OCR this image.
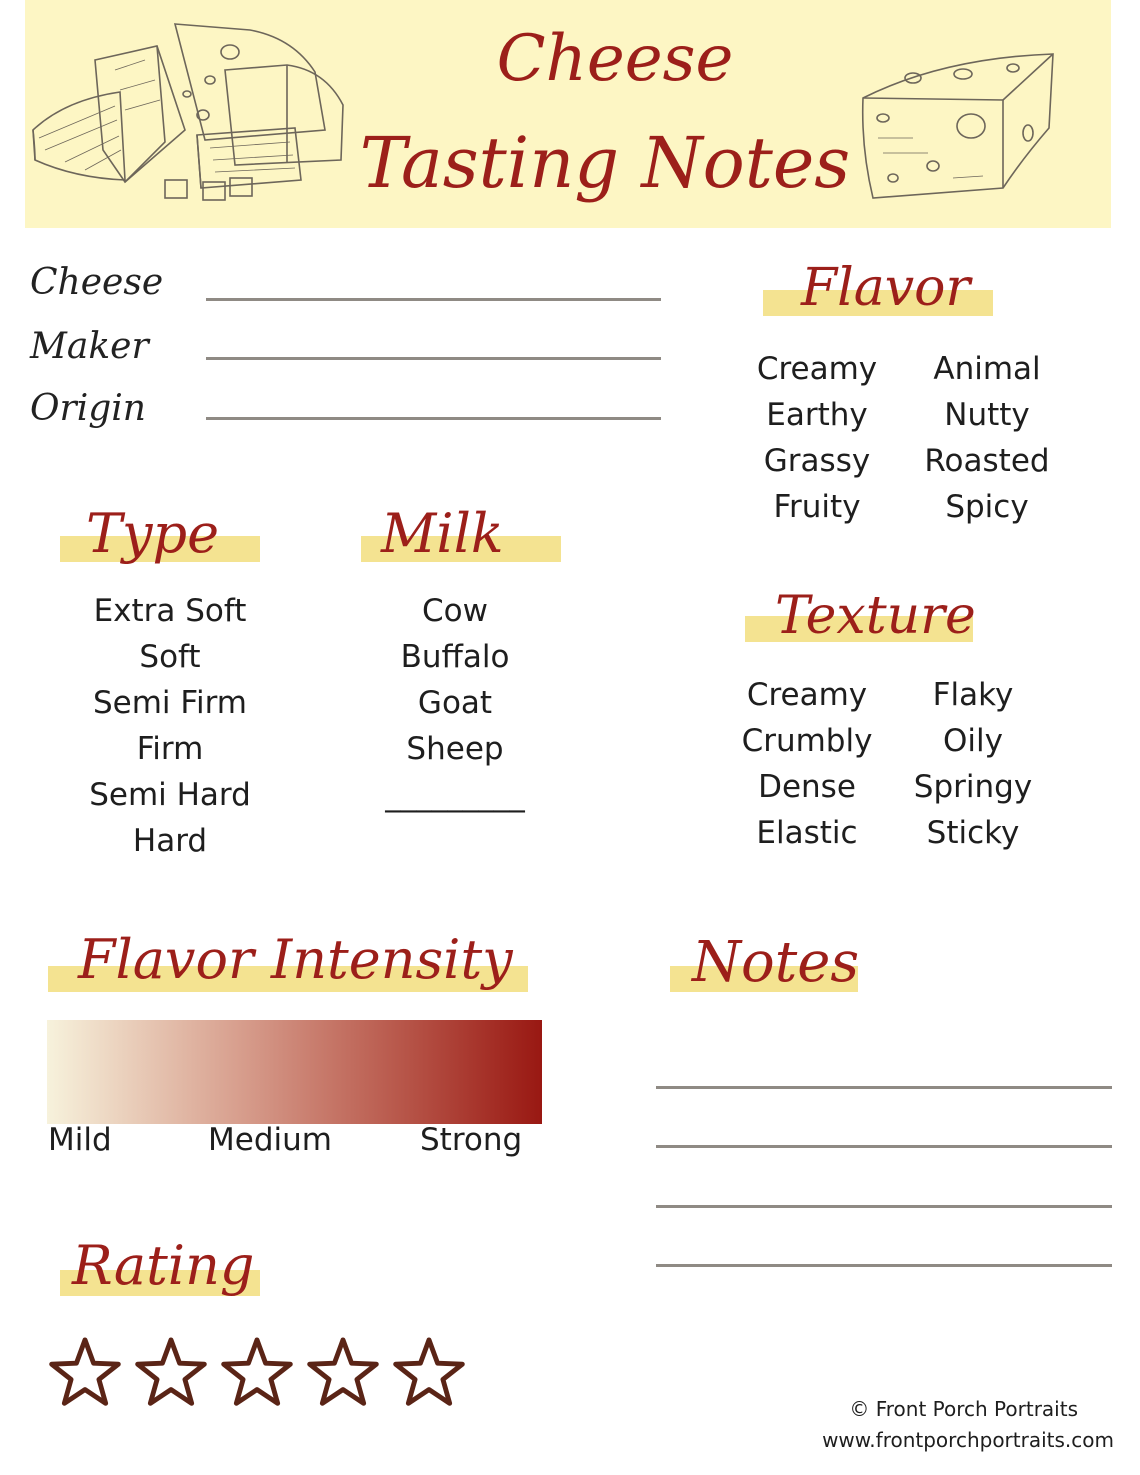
Cheese
Tasting Notes
Cheese
Maker
Origin
Flavor
Creamy
Earthy
Grassy
Fruity
Animal
Nutty
Roasted
Spicy
Type
Extra Soft
Soft
Semi Firm
Firm
Semi Hard
Hard
Milk
Cow
Buffalo
Goat
Sheep
_________
Texture
Creamy
Crumbly
Dense
Elastic
Flaky
Oily
Springy
Sticky
Flavor Intensity
Mild	Medium	Strong
Notes
Rating
© Front Porch Portraits
www.frontporchportraits.com
